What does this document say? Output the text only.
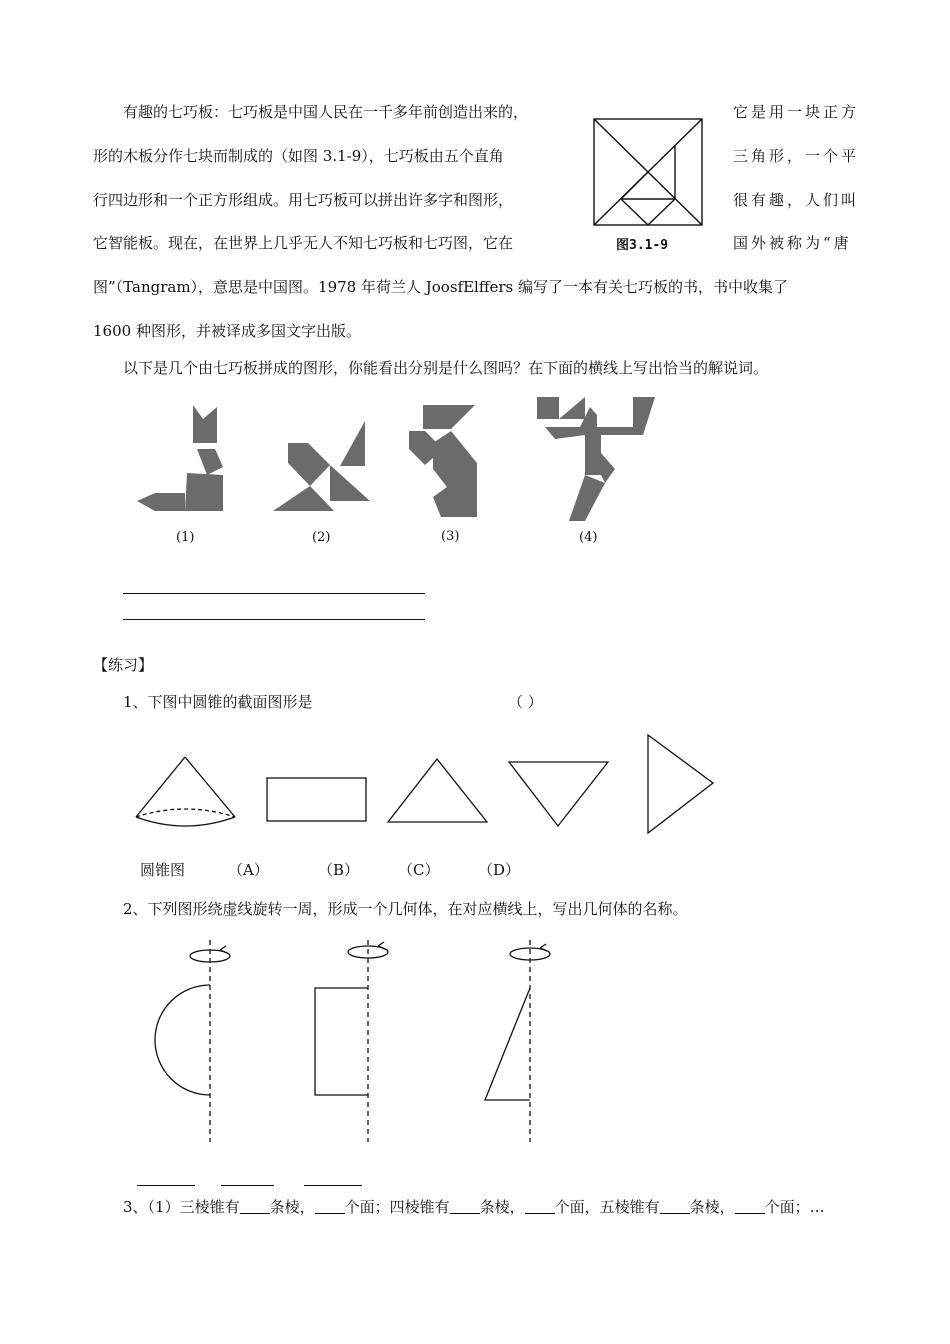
有趣的七巧板：七巧板是中国人民在一千多年前创造出来的，
形的木板分作七块而制成的（如图 3.1-9），七巧板由五个直角
行四边形和一个正方形组成。用七巧板可以拼出许多字和图形，
它智能板。现在，在世界上几乎无人不知七巧板和七巧图，它在
它是用一块正方
三角形，一个平
很有趣，人们叫
国外被称为“唐
图3.1-9
图”（Tangram），意思是中国图。1978 年荷兰人 JoosfElffers 编写了一本有关七巧板的书，书中收集了
1600 种图形，并被译成多国文字出版。
以下是几个由七巧板拼成的图形，你能看出分别是什么图吗？在下面的横线上写出恰当的解说词。
(1)	(2)	(3)	(4)
【练习】
1、下图中圆锥的截面图形是	（ ）
圆锥图	（A）	（B）	（C）	（D）
2、下列图形绕虚线旋转一周，形成一个几何体，在对应横线上，写出几何体的名称。
3、（1）三棱锥有 条棱， 个面；四棱锥有 条棱， 个面，五棱锥有 条棱， 个面；…
